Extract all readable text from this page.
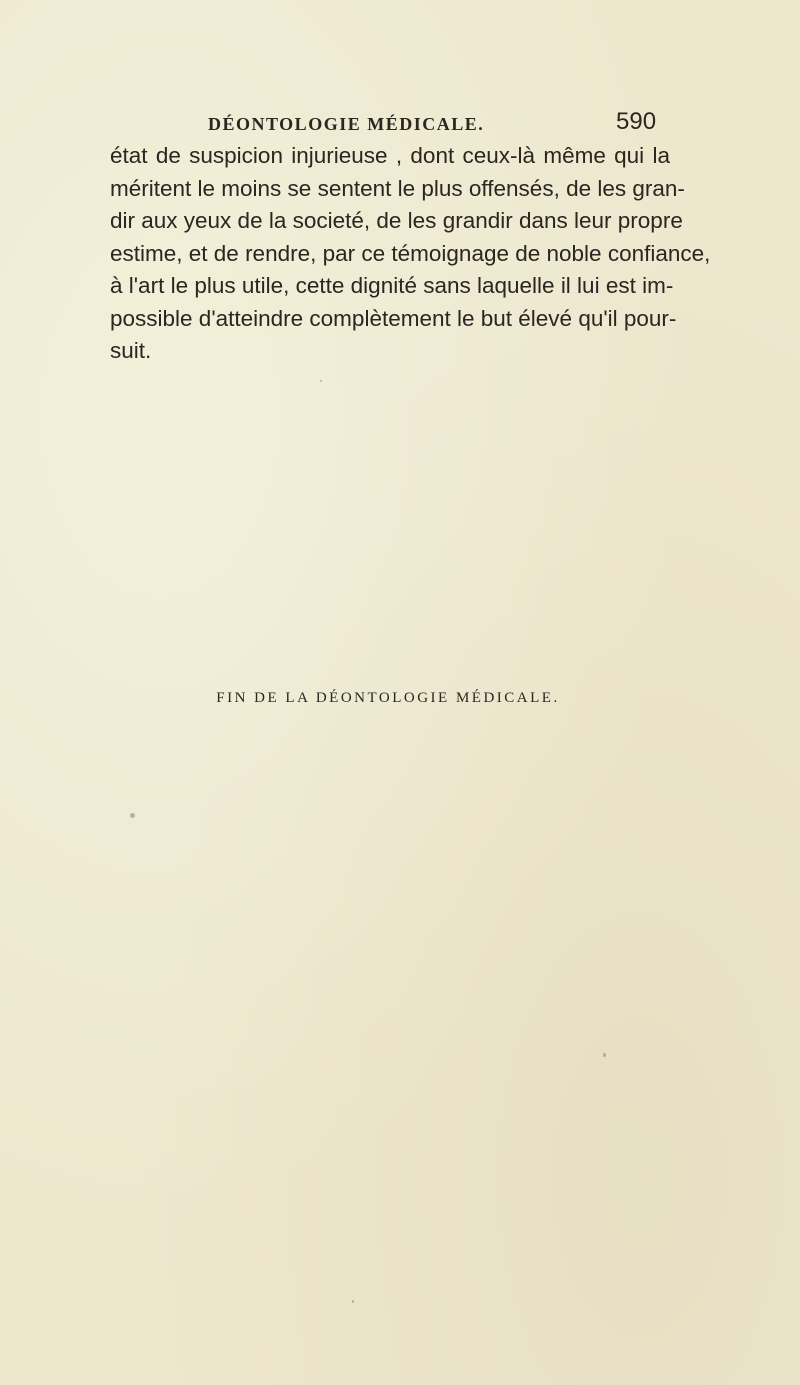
DÉONTOLOGIE MÉDICALE.	590
état de suspicion injurieuse , dont ceux-là même qui la
méritent le moins se sentent le plus offensés, de les gran-
dir aux yeux de la societé, de les grandir dans leur propre
estime, et de rendre, par ce témoignage de noble confiance,
à l'art le plus utile, cette dignité sans laquelle il lui est im-
possible d'atteindre complètement le but élevé qu'il pour-
suit.
FIN DE LA DÉONTOLOGIE MÉDICALE.
